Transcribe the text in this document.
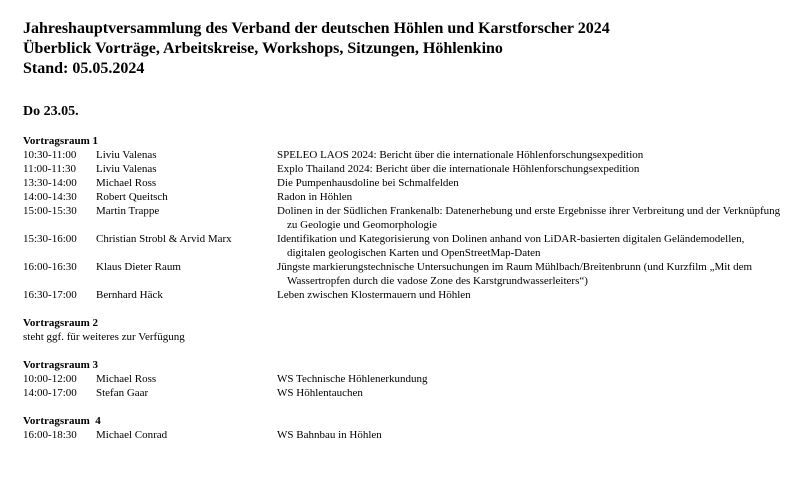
Jahreshauptversammlung des Verband der deutschen Höhlen und Karstforscher 2024
Überblick Vorträge, Arbeitskreise, Workshops, Sitzungen, Höhlenkino
Stand: 05.05.2024
Do 23.05.
Vortragsraum 1
10:30-11:00	Liviu Valenas	SPELEO LAOS 2024: Bericht über die internationale Höhlenforschungsexpedition
11:00-11:30	Liviu Valenas	Explo Thailand 2024: Bericht über die internationale Höhlenforschungsexpedition
13:30-14:00	Michael Ross	Die Pumpenhausdoline bei Schmalfelden
14:00-14:30	Robert Queitsch	Radon in Höhlen
15:00-15:30	Martin Trappe	Dolinen in der Südlichen Frankenalb: Datenerhebung und erste Ergebnisse ihrer Verbreitung und der Verknüpfung zu Geologie und Geomorphologie
15:30-16:00	Christian Strobl & Arvid Marx	Identifikation und Kategorisierung von Dolinen anhand von LiDAR-basierten digitalen Geländemodellen, digitalen geologischen Karten und OpenStreetMap-Daten
16:00-16:30	Klaus Dieter Raum	Jüngste markierungstechnische Untersuchungen im Raum Mühlbach/Breitenbrunn (und Kurzfilm „Mit dem Wassertropfen durch die vadose Zone des Karstgrundwasserleiters“)
16:30-17:00	Bernhard Häck	Leben zwischen Klostermauern und Höhlen
Vortragsraum 2
steht ggf. für weiteres zur Verfügung
Vortragsraum 3
10:00-12:00	Michael Ross	WS Technische Höhlenerkundung
14:00-17:00	Stefan Gaar	WS Höhlentauchen
Vortragsraum  4
16:00-18:30	Michael Conrad	WS Bahnbau in Höhlen
